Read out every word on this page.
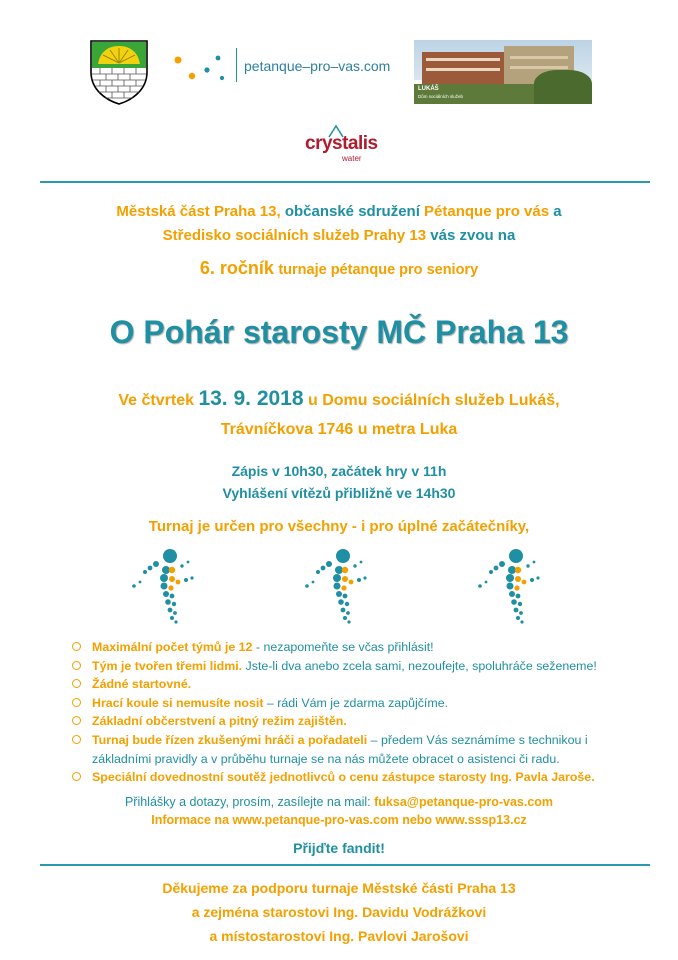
petanque–pro–vas.com
LUKÁŠ
Dům sociálních služeb
crystalis
water
Městská část Praha 13, občanské sdružení Pétanque pro vás a
Středisko sociálních služeb Prahy 13 vás zvou na
6. ročník turnaje pétanque pro seniory
O Pohár starosty MČ Praha 13
Ve čtvrtek 13. 9. 2018 u Domu sociálních služeb Lukáš,
Trávníčkova 1746 u metra Luka
Zápis v 10h30, začátek hry v 11h
Vyhlášení vítězů přibližně ve 14h30
Turnaj je určen pro všechny - i pro úplné začátečníky,
Maximální počet týmů je 12 - nezapomeňte se včas přihlásit!
Tým je tvořen třemi lidmi. Jste-li dva anebo zcela sami, nezoufejte, spoluhráče seženeme!
Žádné startovné.
Hrací koule si nemusíte nosit – rádi Vám je zdarma zapůjčíme.
Základní občerstvení a pitný režim zajištěn.
Turnaj bude řízen zkušenými hráči a pořadateli – předem Vás seznámíme s technikou i
základními pravidly a v průběhu turnaje se na nás můžete obracet o asistenci či radu.
Speciální dovednostní soutěž jednotlivců o cenu zástupce starosty Ing. Pavla Jaroše.
Přihlášky a dotazy, prosím, zasílejte na mail: fuksa@petanque-pro-vas.com
Informace na www.petanque-pro-vas.com nebo www.sssp13.cz
Přijďte fandit!
Děkujeme za podporu turnaje Městské části Praha 13
a zejména starostovi Ing. Davidu Vodrážkovi
a místostarostovi Ing. Pavlovi Jarošovi
